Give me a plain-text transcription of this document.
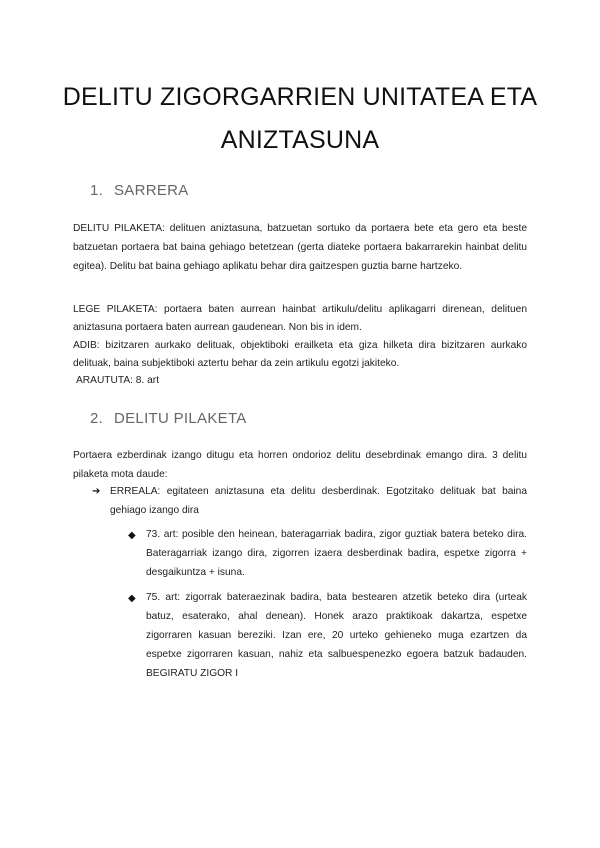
DELITU ZIGORGARRIEN UNITATEA ETA
ANIZTASUNA
1. SARRERA
DELITU PILAKETA: delituen aniztasuna, batzuetan sortuko da portaera bete eta gero eta beste batzuetan portaera bat baina gehiago betetzean (gerta diateke portaera bakarrarekin hainbat delitu egitea). Delitu bat baina gehiago aplikatu behar dira gaitzespen guztia barne hartzeko.
LEGE PILAKETA: portaera baten aurrean hainbat artikulu/delitu aplikagarri direnean, delituen aniztasuna portaera baten aurrean gaudenean. Non bis in idem.
ADIB: bizitzaren aurkako delituak, objektiboki erailketa eta giza hilketa dira bizitzaren aurkako delituak, baina subjektiboki aztertu behar da zein artikulu egotzi jakiteko.
ARAUTUTA: 8. art
2. DELITU PILAKETA
Portaera ezberdinak izango ditugu eta horren ondorioz delitu desebrdinak emango dira. 3 delitu pilaketa mota daude:
➔ ERREALA: egitateen aniztasuna eta delitu desberdinak. Egotzitako delituak bat baina gehiago izango dira
◆ 73. art: posible den heinean, bateragarriak badira, zigor guztiak batera beteko dira. Bateragarriak izango dira, zigorren izaera desberdinak badira, espetxe zigorra + desgaikuntza + isuna.
◆ 75. art: zigorrak bateraezinak badira, bata bestearen atzetik beteko dira (urteak batuz, esaterako, ahal denean). Honek arazo praktikoak dakartza, espetxe zigorraren kasuan bereziki. Izan ere, 20 urteko gehieneko muga ezartzen da espetxe zigorraren kasuan, nahiz eta salbuespenezko egoera batzuk badauden. BEGIRATU ZIGOR I
